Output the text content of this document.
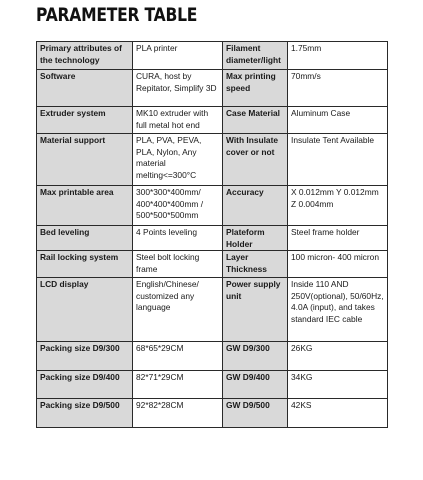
PARAMETER TABLE
Primary attributes of the technology	PLA printer	Filament diameter/light	1.75mm
Software	CURA, host by Repitator, Simplify 3D	Max printing speed	70mm/s
Extruder system	MK10 extruder with full metal hot end	Case Material	Aluminum Case
Material support	PLA, PVA, PEVA, PLA, Nylon, Any material melting<=300°C	With Insulate cover or not	Insulate Tent Available
Max printable area	300*300*400mm/ 400*400*400mm / 500*500*500mm	Accuracy	X 0.012mm Y 0.012mm Z 0.004mm
Bed leveling	4 Points leveling	Plateform Holder	Steel frame holder
Rail locking system	Steel bolt locking frame	Layer Thickness	100 micron- 400 micron
LCD display	English/Chinese/ customized any language	Power supply unit	Inside 110 AND 250V(optional), 50/60Hz, 4.0A (input), and takes standard IEC cable
Packing size D9/300	68*65*29CM	GW D9/300	26KG
Packing size D9/400	82*71*29CM	GW D9/400	34KG
Packing size D9/500	92*82*28CM	GW D9/500	42KS
